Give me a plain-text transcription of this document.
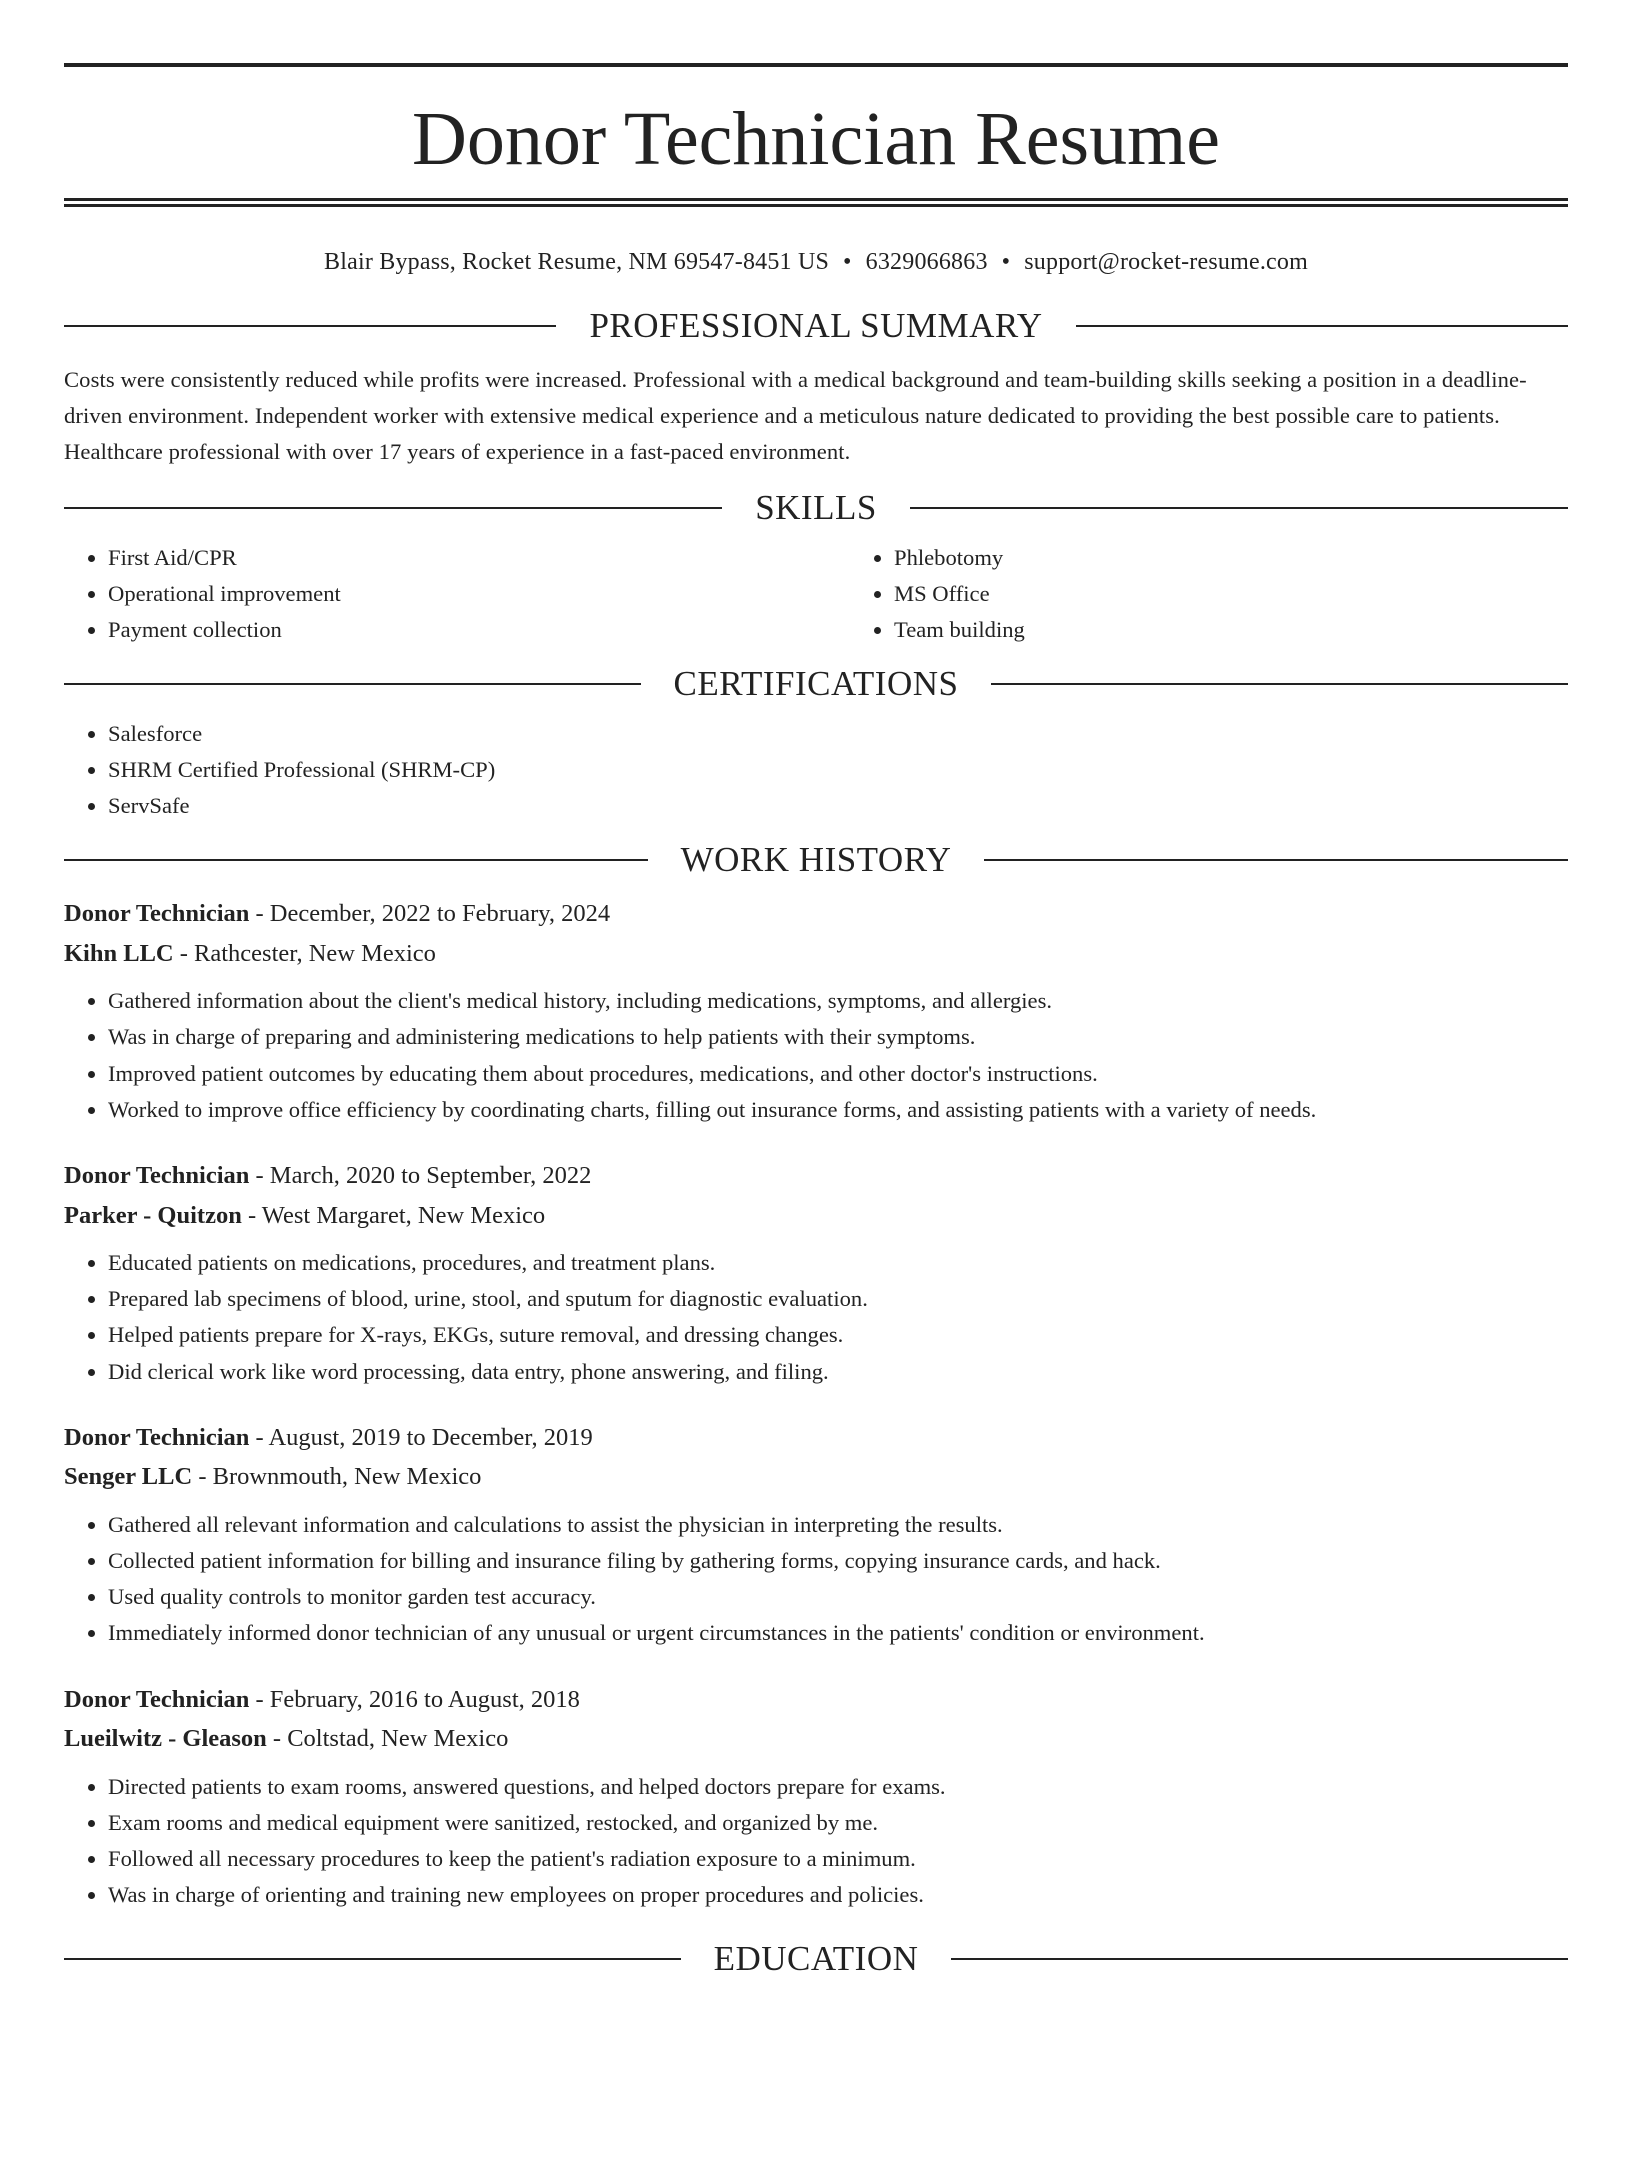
Donor Technician Resume
Blair Bypass, Rocket Resume, NM 69547-8451 US • 6329066863 • support@rocket-resume.com
PROFESSIONAL SUMMARY

Costs were consistently reduced while profits were increased. Professional with a medical background and team-building skills seeking a position in a deadline-driven environment. Independent worker with extensive medical experience and a meticulous nature dedicated to providing the best possible care to patients. Healthcare professional with over 17 years of experience in a fast-paced environment.

SKILLS
• First Aid/CPR
• Operational improvement
• Payment collection
• Phlebotomy
• MS Office
• Team building
CERTIFICATIONS
• Salesforce
• SHRM Certified Professional (SHRM-CP)
• ServSafe
WORK HISTORY
Donor Technician - December, 2022 to February, 2024
Kihn LLC - Rathcester, New Mexico
• Gathered information about the client's medical history, including medications, symptoms, and allergies.
• Was in charge of preparing and administering medications to help patients with their symptoms.
• Improved patient outcomes by educating them about procedures, medications, and other doctor's instructions.
• Worked to improve office efficiency by coordinating charts, filling out insurance forms, and assisting patients with a variety of needs.
Donor Technician - March, 2020 to September, 2022
Parker - Quitzon - West Margaret, New Mexico
• Educated patients on medications, procedures, and treatment plans.
• Prepared lab specimens of blood, urine, stool, and sputum for diagnostic evaluation.
• Helped patients prepare for X-rays, EKGs, suture removal, and dressing changes.
• Did clerical work like word processing, data entry, phone answering, and filing.
Donor Technician - August, 2019 to December, 2019
Senger LLC - Brownmouth, New Mexico
• Gathered all relevant information and calculations to assist the physician in interpreting the results.
• Collected patient information for billing and insurance filing by gathering forms, copying insurance cards, and hack.
• Used quality controls to monitor garden test accuracy.
• Immediately informed donor technician of any unusual or urgent circumstances in the patients' condition or environment.
Donor Technician - February, 2016 to August, 2018
Lueilwitz - Gleason - Coltstad, New Mexico
• Directed patients to exam rooms, answered questions, and helped doctors prepare for exams.
• Exam rooms and medical equipment were sanitized, restocked, and organized by me.
• Followed all necessary procedures to keep the patient's radiation exposure to a minimum.
• Was in charge of orienting and training new employees on proper procedures and policies.
EDUCATION
